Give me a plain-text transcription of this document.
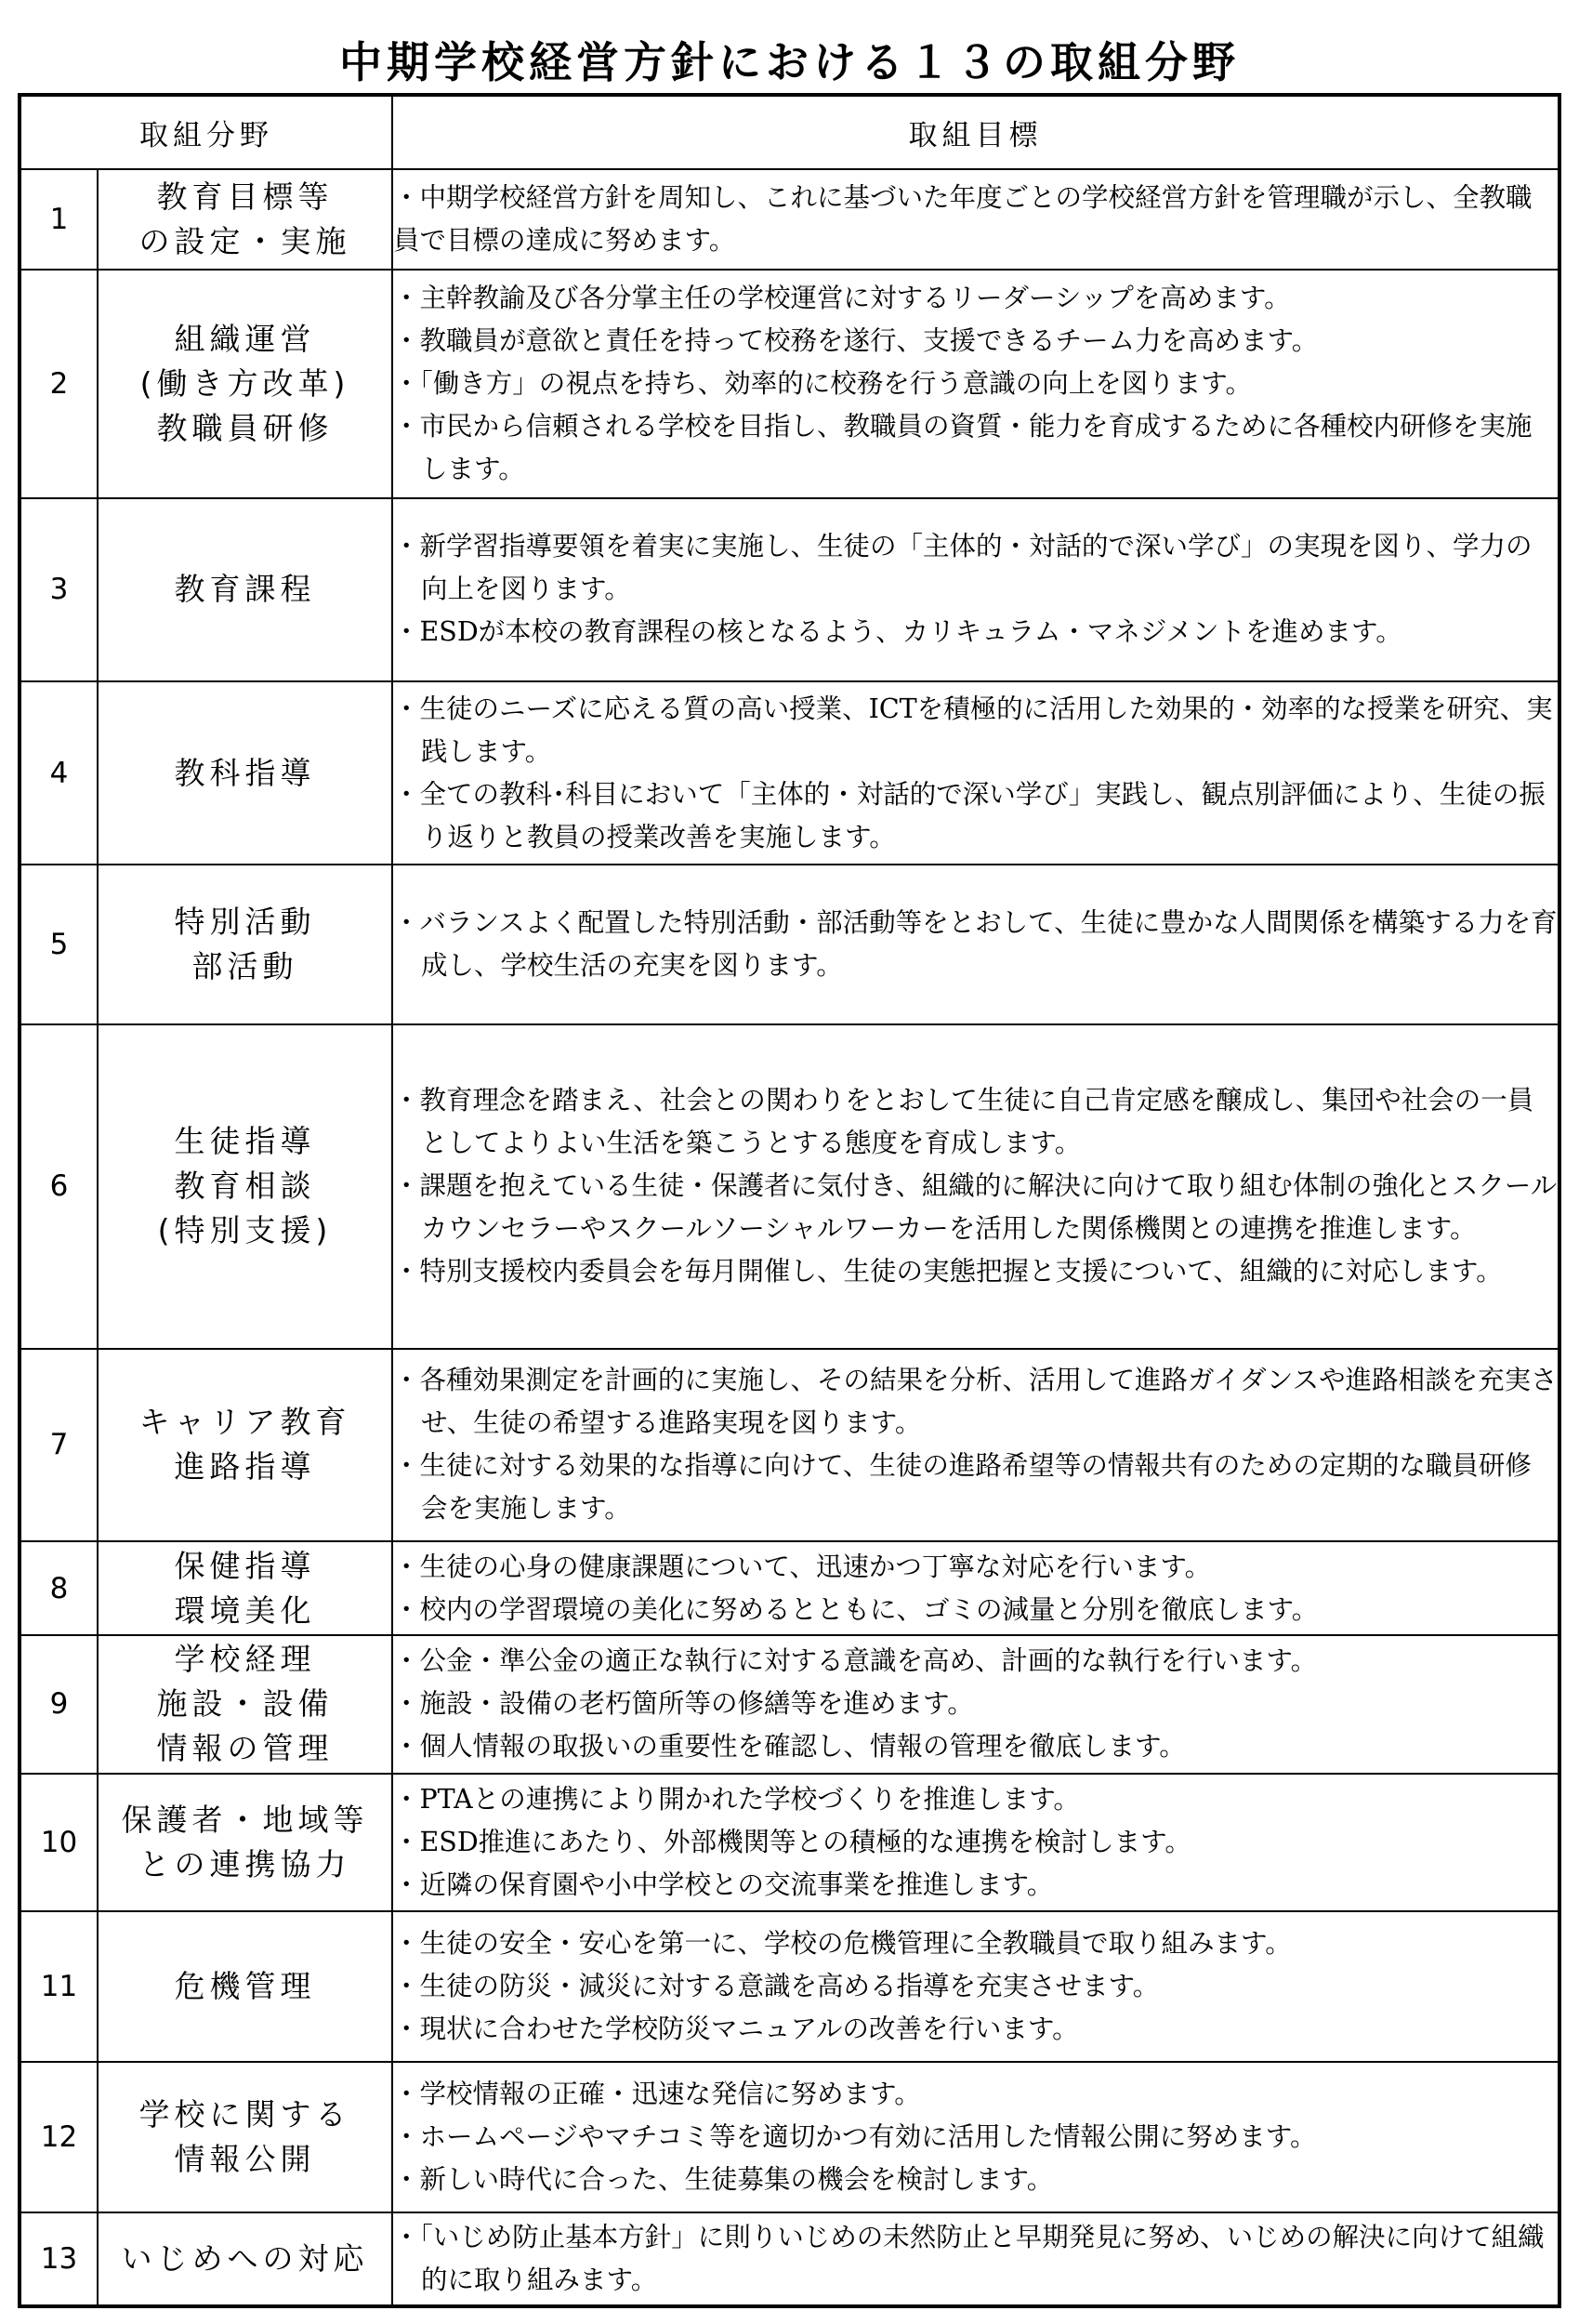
中期学校経営方針における１３の取組分野
取組分野		取組目標
1	教育目標等
の設定・実施	・中期学校経営方針を周知し、これに基づいた年度ごとの学校経営方針を管理職が示し、全教職員で目標の達成に努めます。

2	組織運営
(働き方改革)
教職員研修	・主幹教諭及び各分掌主任の学校運営に対するリーダーシップを高めます。
・教職員が意欲と責任を持って校務を遂行、支援できるチーム力を高めます。
・「働き方」の視点を持ち、効率的に校務を行う意識の向上を図ります。
・市民から信頼される学校を目指し、教職員の資質・能力を育成するために各種校内研修を実施します。

3	教育課程	・新学習指導要領を着実に実施し、生徒の「主体的・対話的で深い学び」の実現を図り、学力の向上を図ります。
・ESDが本校の教育課程の核となるよう、カリキュラム・マネジメントを進めます。

4	教科指導	・生徒のニーズに応える質の高い授業、ICTを積極的に活用した効果的・効率的な授業を研究、実践します。
・全ての教科･科目において「主体的・対話的で深い学び」実践し、観点別評価により、生徒の振り返りと教員の授業改善を実施します。

5	特別活動
部活動	・バランスよく配置した特別活動・部活動等をとおして、生徒に豊かな人間関係を構築する力を育成し、学校生活の充実を図ります。

6	生徒指導
教育相談
(特別支援)	・教育理念を踏まえ、社会との関わりをとおして生徒に自己肯定感を醸成し、集団や社会の一員としてよりよい生活を築こうとする態度を育成します。
・課題を抱えている生徒・保護者に気付き、組織的に解決に向けて取り組む体制の強化とスクールカウンセラーやスクールソーシャルワーカーを活用した関係機関との連携を推進します。
・特別支援校内委員会を毎月開催し、生徒の実態把握と支援について、組織的に対応します。

7	キャリア教育
進路指導	・各種効果測定を計画的に実施し、その結果を分析、活用して進路ガイダンスや進路相談を充実させ、生徒の希望する進路実現を図ります。
・生徒に対する効果的な指導に向けて、生徒の進路希望等の情報共有のための定期的な職員研修会を実施します。

8	保健指導
環境美化	・生徒の心身の健康課題について、迅速かつ丁寧な対応を行います。
・校内の学習環境の美化に努めるとともに、ゴミの減量と分別を徹底します。

9	学校経理
施設・設備
情報の管理	・公金・準公金の適正な執行に対する意識を高め、計画的な執行を行います。
・施設・設備の老朽箇所等の修繕等を進めます。
・個人情報の取扱いの重要性を確認し、情報の管理を徹底します。

10	保護者・地域等
との連携協力	・PTAとの連携により開かれた学校づくりを推進します。
・ESD推進にあたり、外部機関等との積極的な連携を検討します。
・近隣の保育園や小中学校との交流事業を推進します。

11	危機管理	・生徒の安全・安心を第一に、学校の危機管理に全教職員で取り組みます。
・生徒の防災・減災に対する意識を高める指導を充実させます。
・現状に合わせた学校防災マニュアルの改善を行います。

12	学校に関する
情報公開	・学校情報の正確・迅速な発信に努めます。
・ホームページやマチコミ等を適切かつ有効に活用した情報公開に努めます。
・新しい時代に合った、生徒募集の機会を検討します。

13	いじめへの対応	・「いじめ防止基本方針」に則りいじめの未然防止と早期発見に努め、いじめの解決に向けて組織的に取り組みます。
